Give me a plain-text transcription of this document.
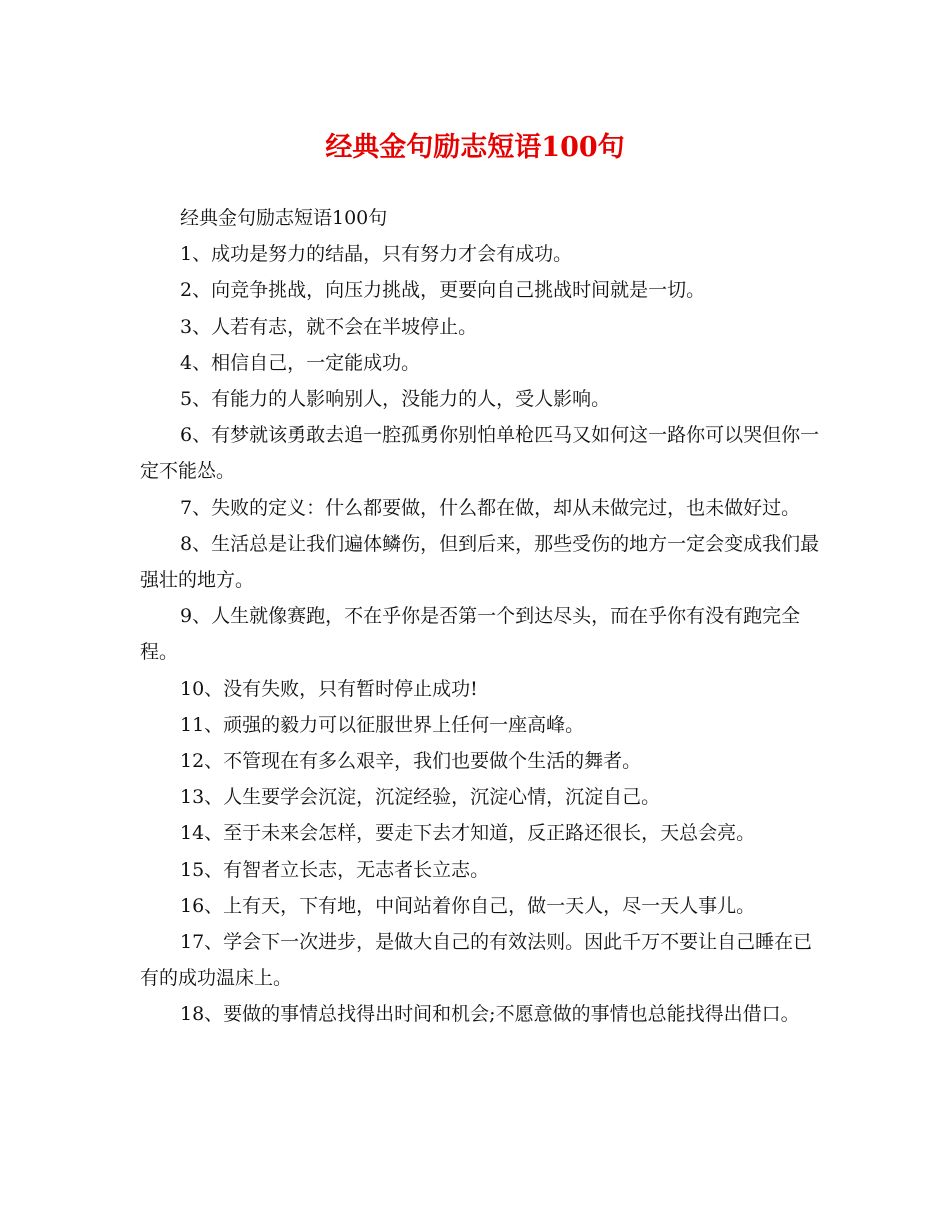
经典金句励志短语100句

经典金句励志短语100句

1、成功是努力的结晶，只有努力才会有成功。

2、向竞争挑战，向压力挑战，更要向自己挑战时间就是一切。

3、人若有志，就不会在半坡停止。

4、相信自己，一定能成功。

5、有能力的人影响别人，没能力的人，受人影响。

6、有梦就该勇敢去追一腔孤勇你别怕单枪匹马又如何这一路你可以哭但你一定不能怂。

7、失败的定义：什么都要做，什么都在做，却从未做完过，也未做好过。

8、生活总是让我们遍体鳞伤，但到后来，那些受伤的地方一定会变成我们最强壮的地方。

9、人生就像赛跑，不在乎你是否第一个到达尽头，而在乎你有没有跑完全程。

10、没有失败，只有暂时停止成功!

11、顽强的毅力可以征服世界上任何一座高峰。

12、不管现在有多么艰辛，我们也要做个生活的舞者。

13、人生要学会沉淀，沉淀经验，沉淀心情，沉淀自己。

14、至于未来会怎样，要走下去才知道，反正路还很长，天总会亮。

15、有智者立长志，无志者长立志。

16、上有天，下有地，中间站着你自己，做一天人，尽一天人事儿。

17、学会下一次进步，是做大自己的有效法则。因此千万不要让自己睡在已有的成功温床上。

18、要做的事情总找得出时间和机会;不愿意做的事情也总能找得出借口。
